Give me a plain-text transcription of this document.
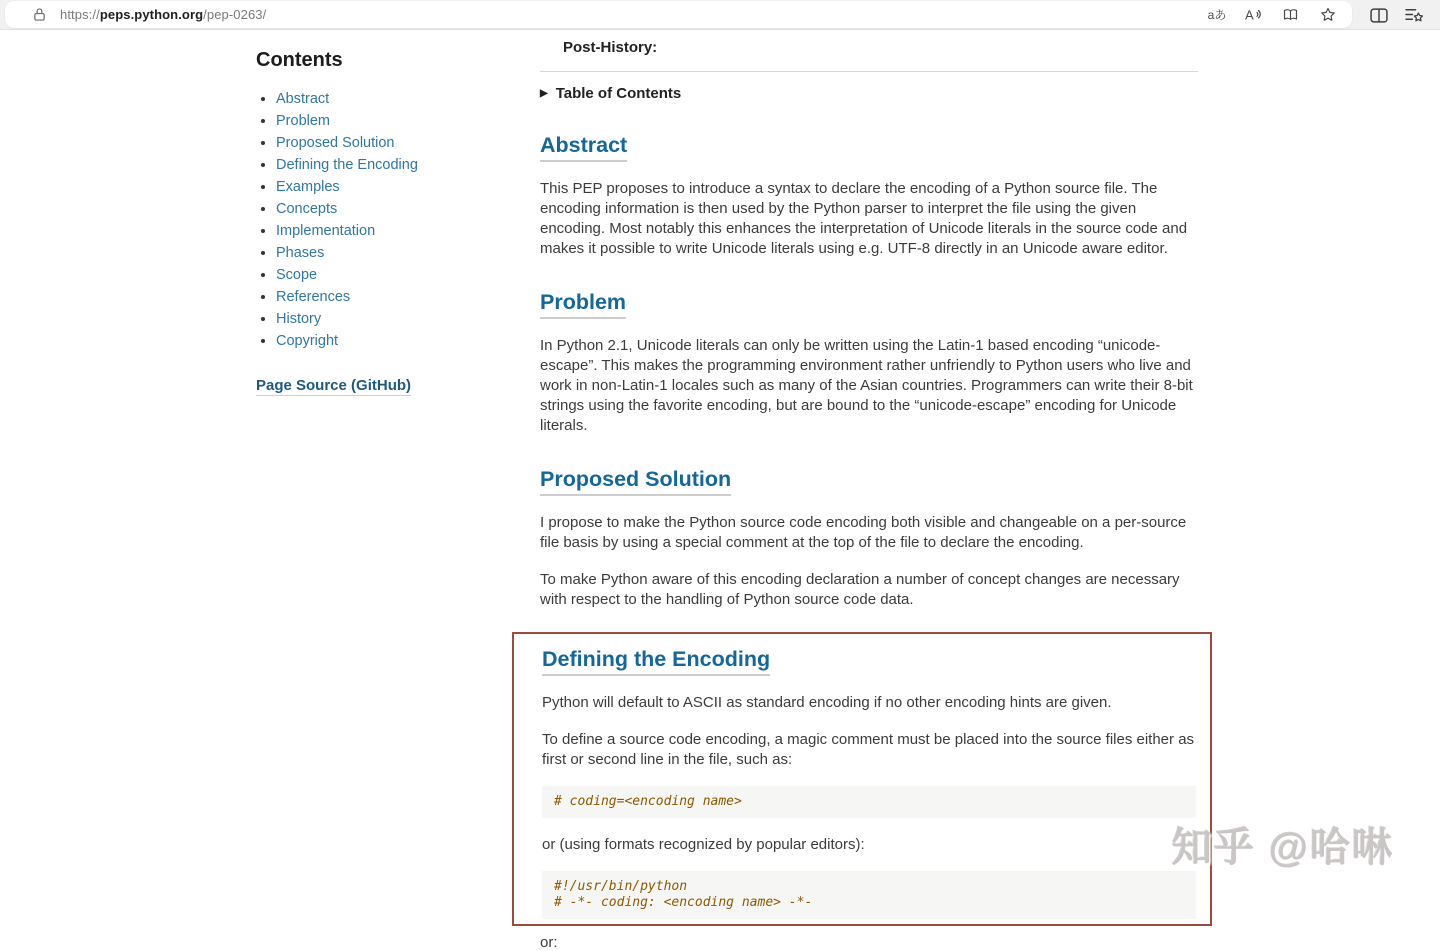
https://peps.python.org/pep-0263/	aあ A
Contents
• Abstract
• Problem
• Proposed Solution
• Defining the Encoding
• Examples
• Concepts
• Implementation
• Phases
• Scope
• References
• History
• Copyright
Page Source (GitHub)
Post-History:
▶ Table of Contents
Abstract

This PEP proposes to introduce a syntax to declare the encoding of a Python source file. The encoding information is then used by the Python parser to interpret the file using the given encoding. Most notably this enhances the interpretation of Unicode literals in the source code and makes it possible to write Unicode literals using e.g. UTF-8 directly in an Unicode aware editor.

Problem

In Python 2.1, Unicode literals can only be written using the Latin-1 based encoding “unicode-escape”. This makes the programming environment rather unfriendly to Python users who live and work in non-Latin-1 locales such as many of the Asian countries. Programmers can write their 8-bit strings using the favorite encoding, but are bound to the “unicode-escape” encoding for Unicode literals.

Proposed Solution

I propose to make the Python source code encoding both visible and changeable on a per-source file basis by using a special comment at the top of the file to declare the encoding.

To make Python aware of this encoding declaration a number of concept changes are necessary with respect to the handling of Python source code data.

Defining the Encoding

Python will default to ASCII as standard encoding if no other encoding hints are given.

To define a source code encoding, a magic comment must be placed into the source files either as first or second line in the file, such as:

# coding=<encoding name>

or (using formats recognized by popular editors):

#!/usr/bin/python
# -*- coding: <encoding name> -*-

or:

知乎 @哈啉
